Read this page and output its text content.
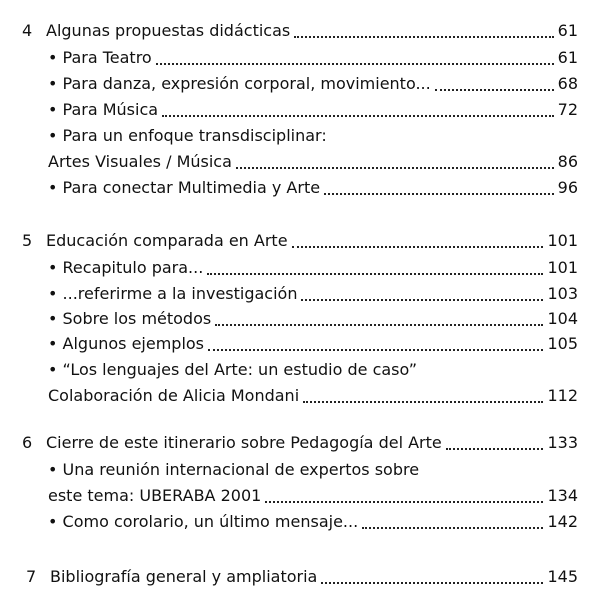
4 Algunas propuestas didácticas	61
• Para Teatro	61
• Para danza, expresión corporal, movimiento...	68
• Para Música	72
• Para un enfoque transdisciplinar:
Artes Visuales / Música	86
• Para conectar Multimedia y Arte	96
5 Educación comparada en Arte	101
• Recapitulo para...	101
• ...referirme a la investigación	103
• Sobre los métodos	104
• Algunos ejemplos	105
• “Los lenguajes del Arte: un estudio de caso”
Colaboración de Alicia Mondani	112
6 Cierre de este itinerario sobre Pedagogía del Arte	133
• Una reunión internacional de expertos sobre
este tema: UBERABA 2001	134
• Como corolario, un último mensaje...	142
7 Bibliografía general y ampliatoria	145
